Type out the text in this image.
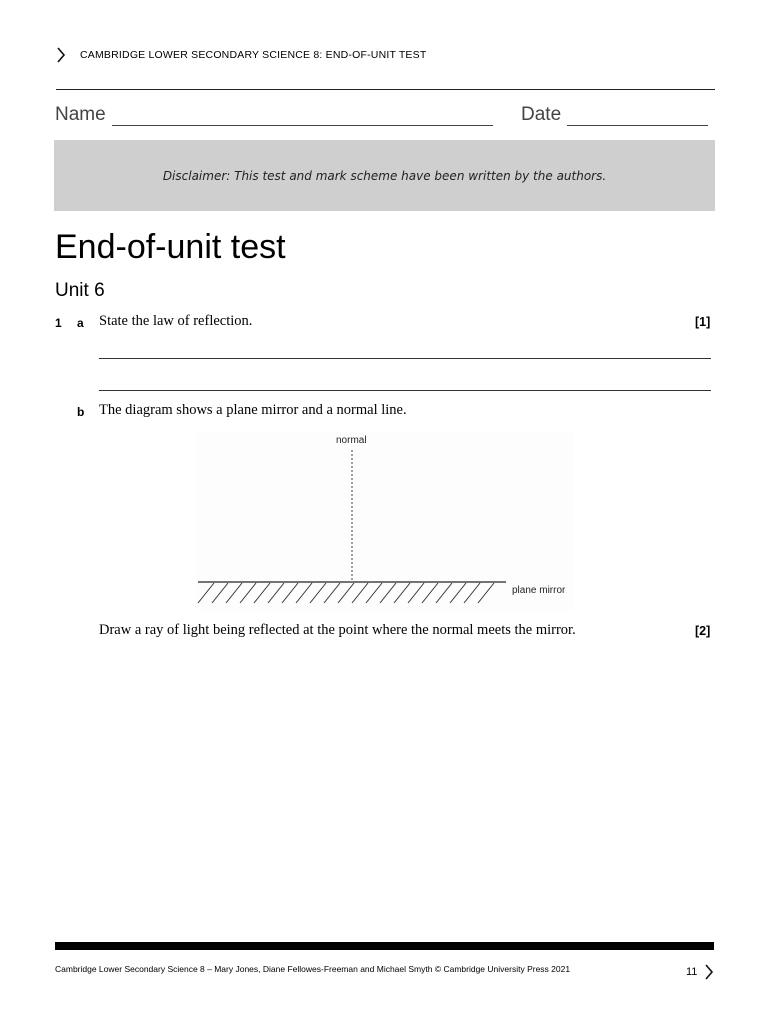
CAMBRIDGE LOWER SECONDARY SCIENCE 8: END-OF-UNIT TEST
Name	Date
Disclaimer: This test and mark scheme have been written by the authors.
End-of-unit test
Unit 6
1 a State the law of reflection.	[1]
b The diagram shows a plane mirror and a normal line.
normal
plane mirror
Draw a ray of light being reflected at the point where the normal meets the mirror.	[2]
Cambridge Lower Secondary Science 8 – Mary Jones, Diane Fellowes-Freeman and Michael Smyth © Cambridge University Press 2021	11
